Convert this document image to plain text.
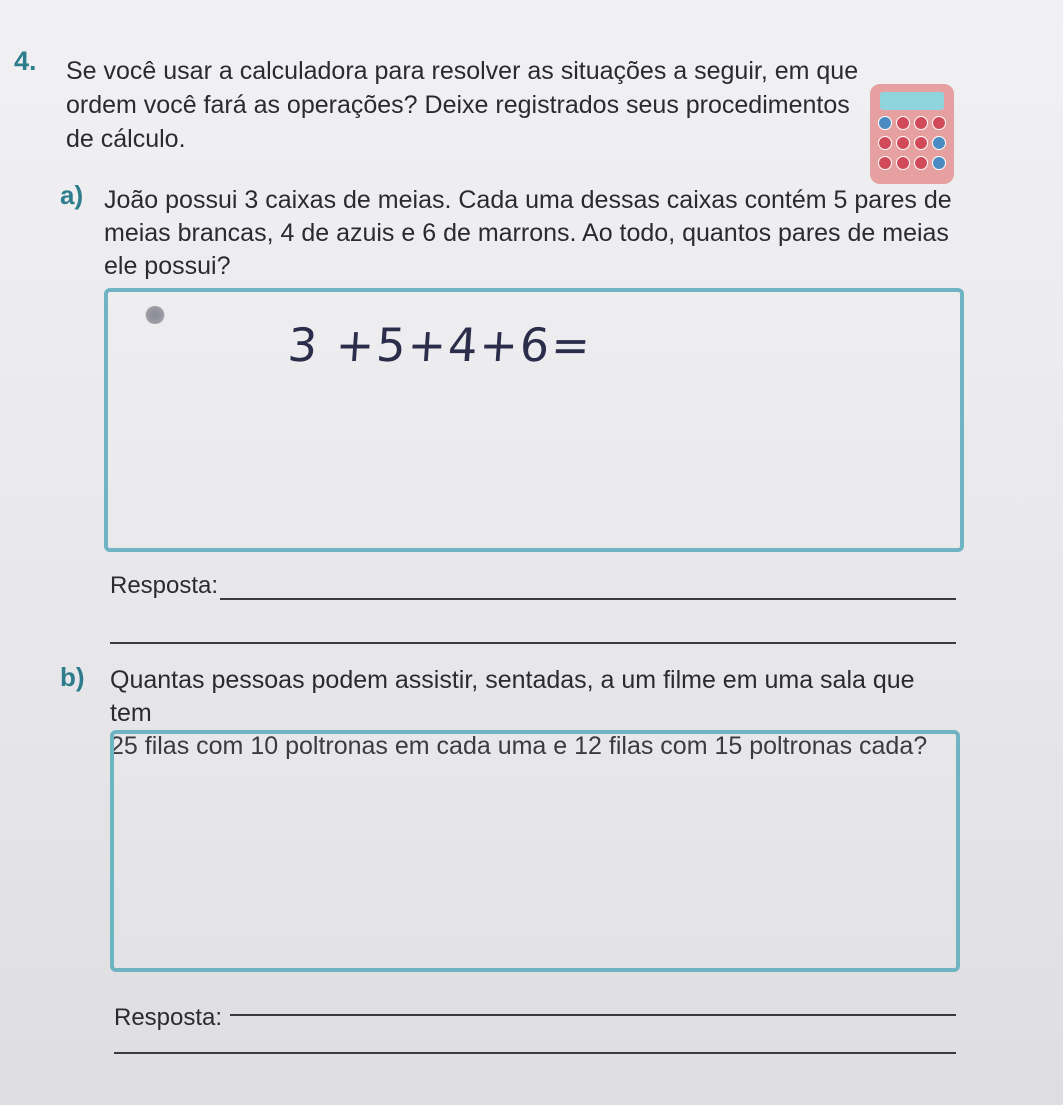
4. Se você usar a calculadora para resolver as situações a seguir, em que
ordem você fará as operações? Deixe registrados seus procedimentos
de cálculo.
a) João possui 3 caixas de meias. Cada uma dessas caixas contém 5 pares de
meias brancas, 4 de azuis e 6 de marrons. Ao todo, quantos pares de meias
ele possui?
3 +5+4+6=
Resposta:
b) Quantas pessoas podem assistir, sentadas, a um filme em uma sala que tem
25 filas com 10 poltronas em cada uma e 12 filas com 15 poltronas cada?
Resposta:
